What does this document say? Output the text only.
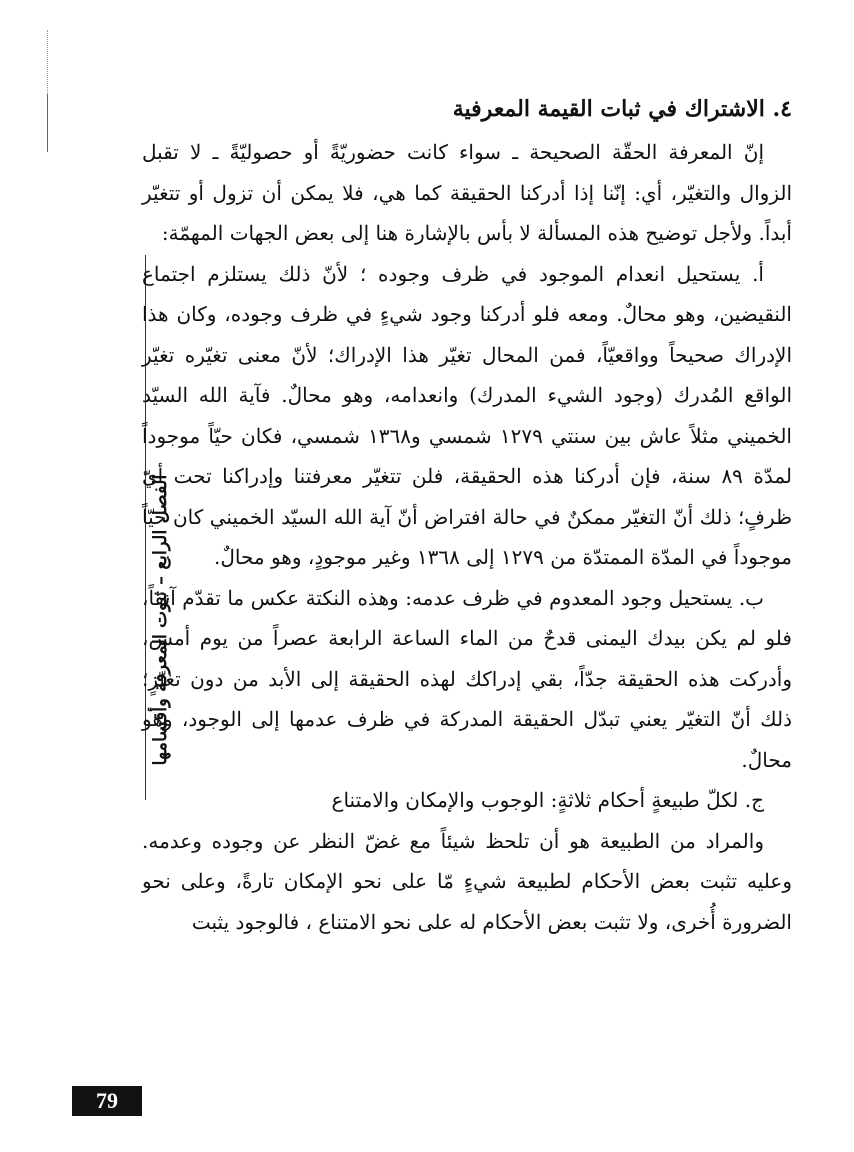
الفصل الرابع – ثبوت المعرفة وأقسامها
٤. الاشتراك في ثبات القيمة المعرفية

إنّ المعرفة الحقّة الصحيحة ـ سواء كانت حضوريّةً أو حصوليّةً ـ لا تقبل الزوال والتغيّر، أي: إنّنا إذا أدركنا الحقيقة كما هي، فلا يمكن أن تزول أو تتغيّر أبداً. ولأجل توضيح هذه المسألة لا بأس بالإشارة هنا إلى بعض الجهات المهمّة:

أ. يستحيل انعدام الموجود في ظرف وجوده ؛ لأنّ ذلك يستلزم اجتماع النقيضين، وهو محالٌ. ومعه فلو أدركنا وجود شيءٍ في ظرف وجوده، وكان هذا الإدراك صحيحاً وواقعيّاً، فمن المحال تغيّر هذا الإدراك؛ لأنّ معنى تغيّره تغيّر الواقع المُدرك (وجود الشيء المدرك) وانعدامه، وهو محالٌ. فآية الله السيّد الخميني مثلاً عاش بين سنتي ١٢٧٩ شمسي و١٣٦٨ شمسي، فكان حيّاً موجوداً لمدّة ٨٩ سنة، فإن أدركنا هذه الحقيقة، فلن تتغيّر معرفتنا وإدراكنا تحت أيّ ظرفٍ؛ ذلك أنّ التغيّر ممكنٌ في حالة افتراض أنّ آية الله السيّد الخميني كان حيّاً موجوداً في المدّة الممتدّة من ١٢٧٩ إلى ١٣٦٨ وغير موجودٍ، وهو محالٌ.

ب. يستحيل وجود المعدوم في ظرف عدمه: وهذه النكتة عكس ما تقدّم آنفاً، فلو لم يكن بيدك اليمنى قدحٌ من الماء الساعة الرابعة عصراً من يوم أمس، وأدركت هذه الحقيقة جدّاً، بقي إدراكك لهذه الحقيقة إلى الأبد من دون تغيّرٍ؛ ذلك أنّ التغيّر يعني تبدّل الحقيقة المدركة في ظرف عدمها إلى الوجود، وهو محالٌ.

ج. لكلّ طبيعةٍ أحكام ثلاثةٍ: الوجوب والإمكان والامتناع

والمراد من الطبيعة هو أن تلحظ شيئاً مع غضّ النظر عن وجوده وعدمه. وعليه تثبت بعض الأحكام لطبيعة شيءٍ مّا على نحو الإمكان تارةً، وعلى نحو الضرورة أُخرى، ولا تثبت بعض الأحكام له على نحو الامتناع ، فالوجود يثبت

79
